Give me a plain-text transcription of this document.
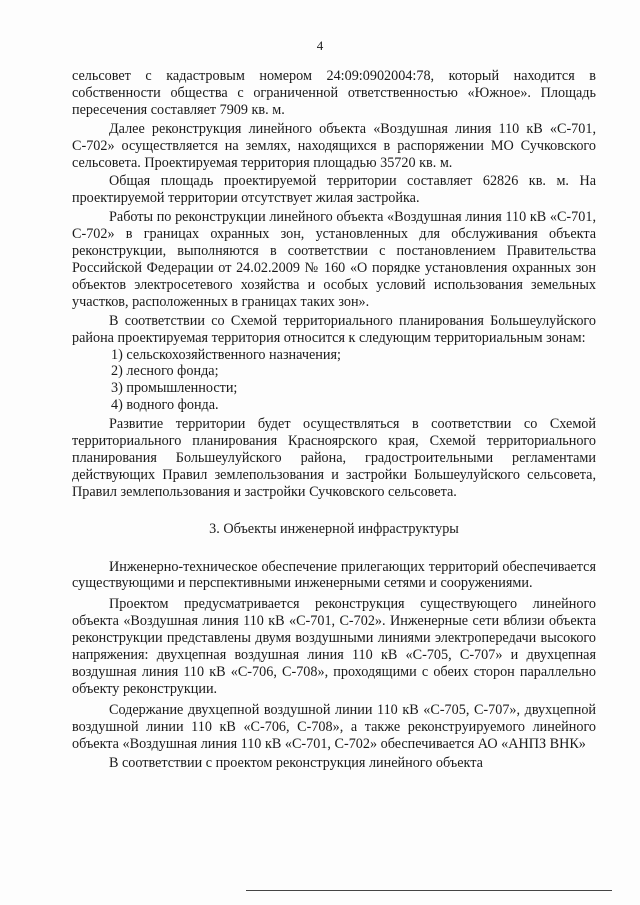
4

сельсовет с кадастровым номером 24:09:0902004:78, который находится в собственности общества с ограниченной ответственностью «Южное». Площадь пересечения составляет 7909 кв. м.

Далее реконструкция линейного объекта «Воздушная линия 110 кВ «С-701, С-702» осуществляется на землях, находящихся в распоряжении МО Сучковского сельсовета. Проектируемая территория площадью 35720 кв. м.

Общая площадь проектируемой территории составляет 62826 кв. м. На проектируемой территории отсутствует жилая застройка.

Работы по реконструкции линейного объекта «Воздушная линия 110 кВ «С-701, С-702» в границах охранных зон, установленных для обслуживания объекта реконструкции, выполняются в соответствии с постановлением Правительства Российской Федерации от 24.02.2009 № 160 «О порядке установления охранных зон объектов электросетевого хозяйства и особых условий использования земельных участков, расположенных в границах таких зон».

В соответствии со Схемой территориального планирования Большеулуйского района проектируемая территория относится к следующим территориальным зонам:

1) сельскохозяйственного назначения;
2) лесного фонда;
3) промышленности;
4) водного фонда.

Развитие территории будет осуществляться в соответствии со Схемой территориального планирования Красноярского края, Схемой территориального планирования Большеулуйского района, градостроительными регламентами действующих Правил землепользования и застройки Большеулуйского сельсовета, Правил землепользования и застройки Сучковского сельсовета.

3. Объекты инженерной инфраструктуры

Инженерно-техническое обеспечение прилегающих территорий обеспечивается существующими и перспективными инженерными сетями и сооружениями.

Проектом предусматривается реконструкция существующего линейного объекта «Воздушная линия 110 кВ «С-701, С-702». Инженерные сети вблизи объекта реконструкции представлены двумя воздушными линиями электропередачи высокого напряжения: двухцепная воздушная линия 110 кВ «С-705, С-707» и двухцепная воздушная линия 110 кВ «С-706, С-708», проходящими с обеих сторон параллельно объекту реконструкции.

Содержание двухцепной воздушной линии 110 кВ «С-705, С-707», двухцепной воздушной линии 110 кВ «С-706, С-708», а также реконструируемого линейного объекта «Воздушная линия 110 кВ «С-701, С-702» обеспечивается АО «АНПЗ ВНК»

В соответствии с проектом реконструкция линейного объекта
